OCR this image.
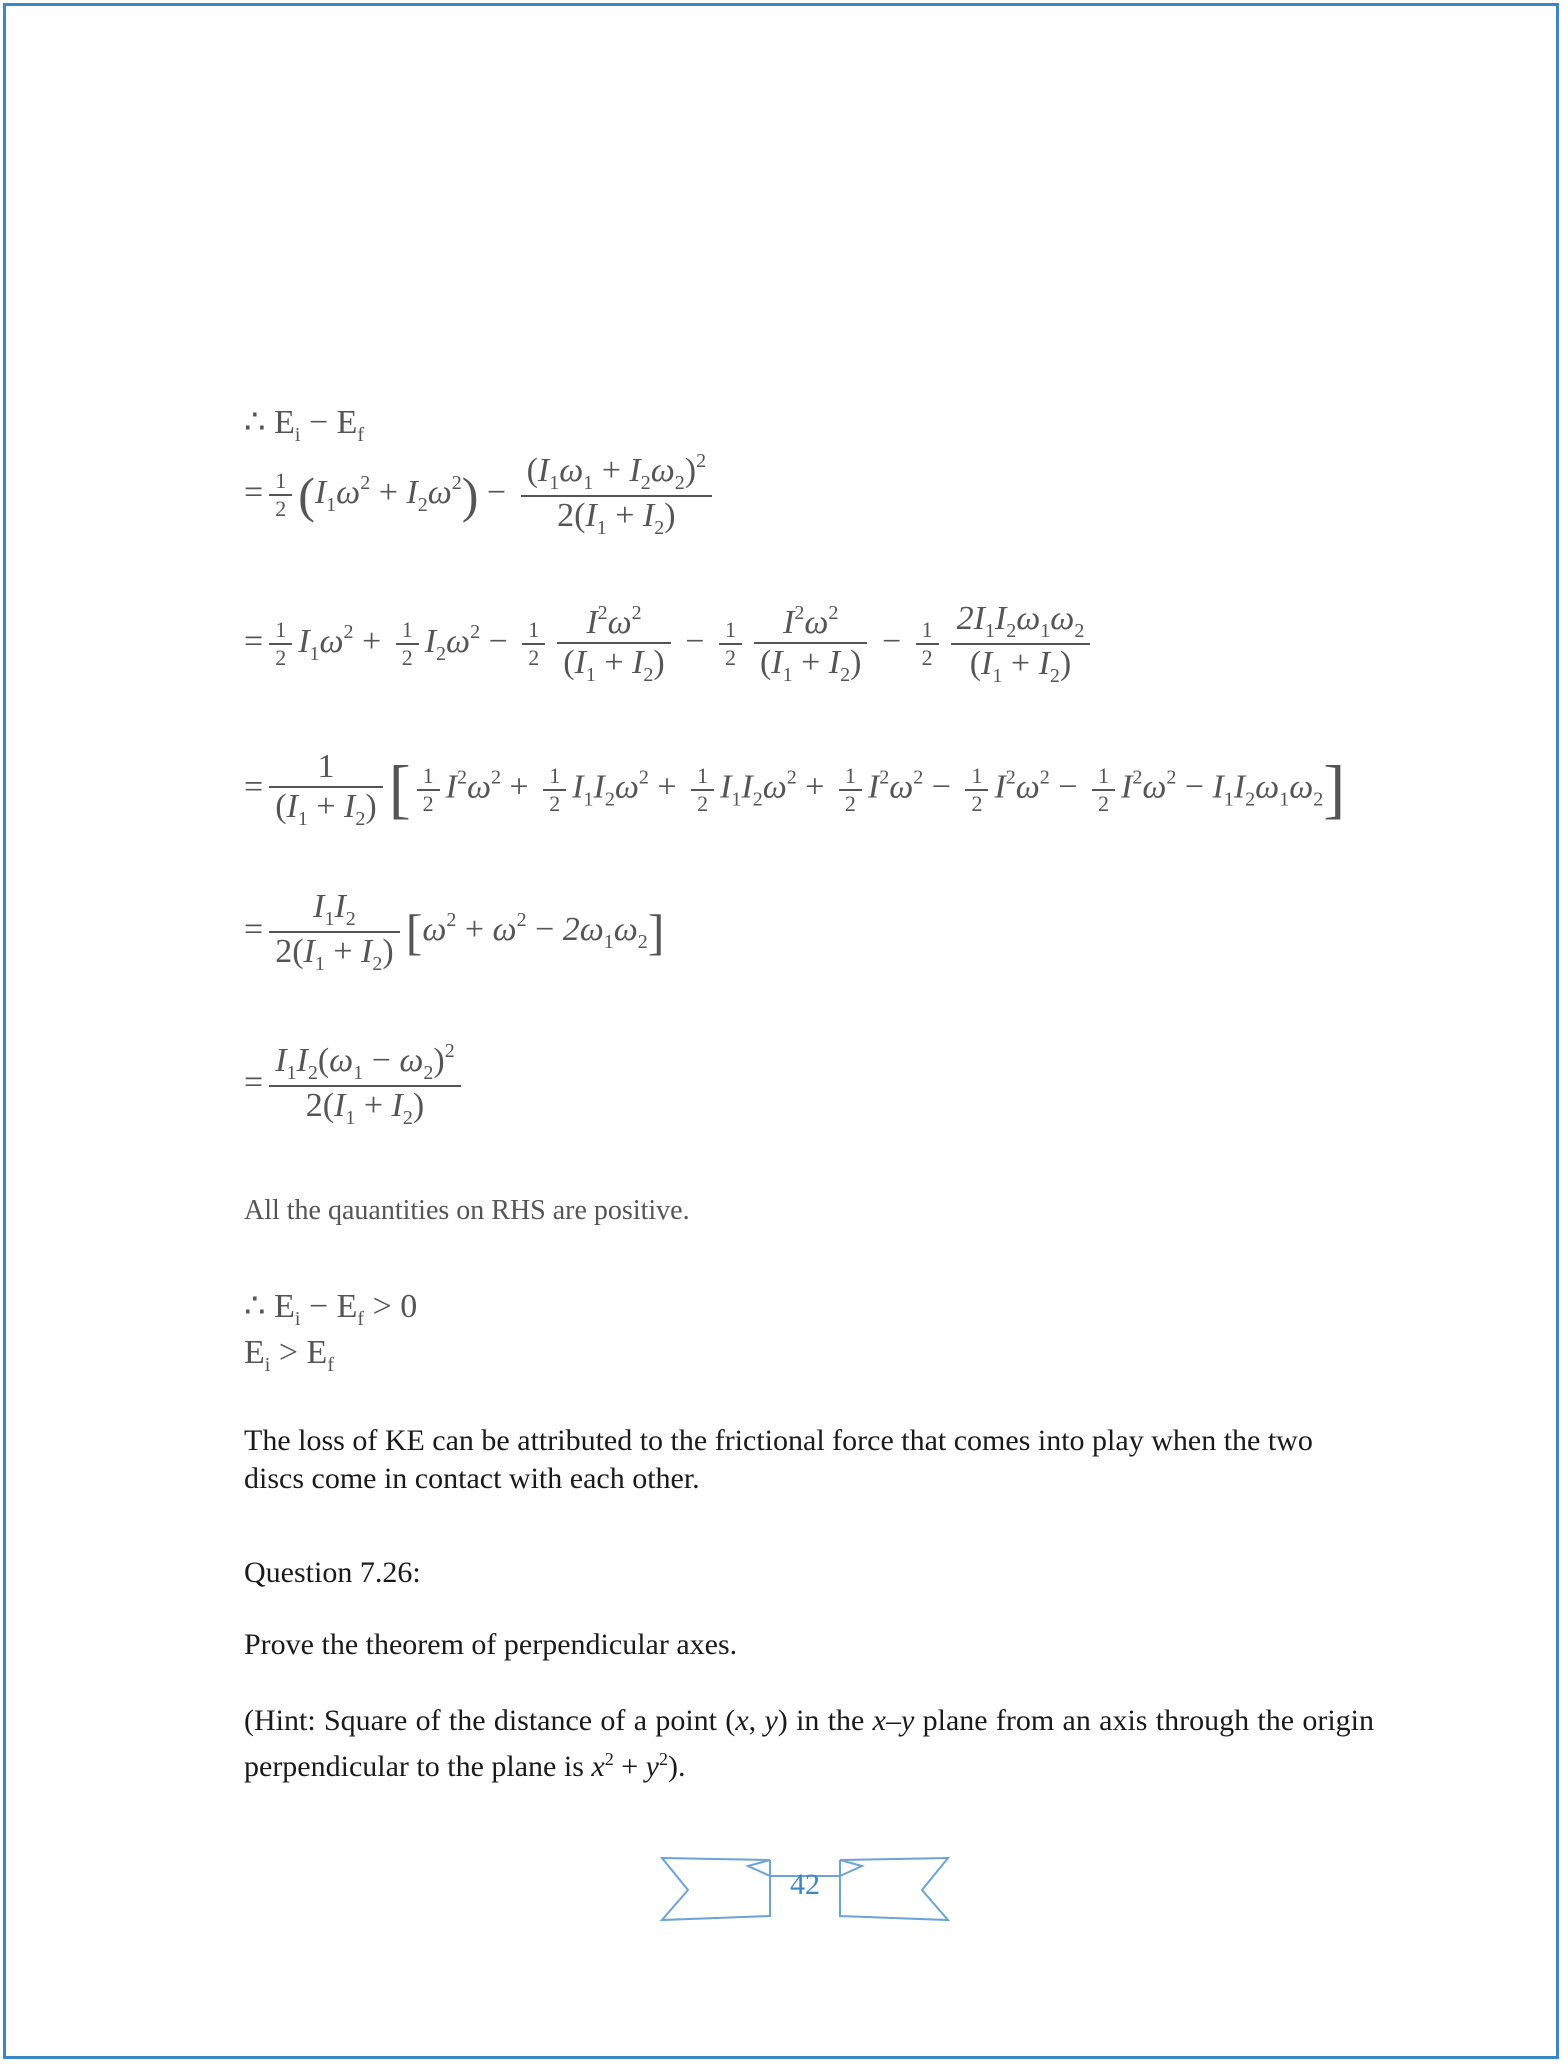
∴ $E_i - E_f$
= $\frac{1}{2} (I_1\omega^2 + I_2\omega^2) - \frac{(I_1\omega_1 + I_2\omega_2)^2}{2(I_1 + I_2)}$
= $\frac{1}{2} I_1\omega^2 + \frac{1}{2} I_2\omega^2 - \frac{1}{2} \frac{I^2\omega^2}{(I_1 + I_2)} - \frac{1}{2} \frac{I^2\omega^2}{(I_1 + I_2)} - \frac{1}{2} \frac{2I_1I_2\omega_1\omega_2}{(I_1 + I_2)}$
= $\frac{1}{(I_1 + I_2)}$ [ $\frac{1}{2} I^2\omega^2 + \frac{1}{2} I_1I_2\omega^2 + \frac{1}{2} I_1I_2\omega^2 + \frac{1}{2} I^2\omega^2 - \frac{1}{2} I^2\omega^2 - \frac{1}{2} I^2\omega^2 - I_1I_2\omega_1\omega_2$]
= $\frac{I_1I_2}{2(I_1 + I_2)} [\omega^2 + \omega^2 - 2\omega_1\omega_2]$
= $\frac{I_1I_2(\omega_1 - \omega_2)^2}{2(I_1 + I_2)}$
All the qauantities on RHS are positive.
∴ $E_i - E_f > 0$
$E_i > E_f$
The loss of KE can be attributed to the frictional force that comes into play when the two discs come in contact with each other.
Question 7.26:
Prove the theorem of perpendicular axes.
(Hint: Square of the distance of a point (x, y) in the x–y plane from an axis through the origin perpendicular to the plane is $x^2 + y^2$).
42
